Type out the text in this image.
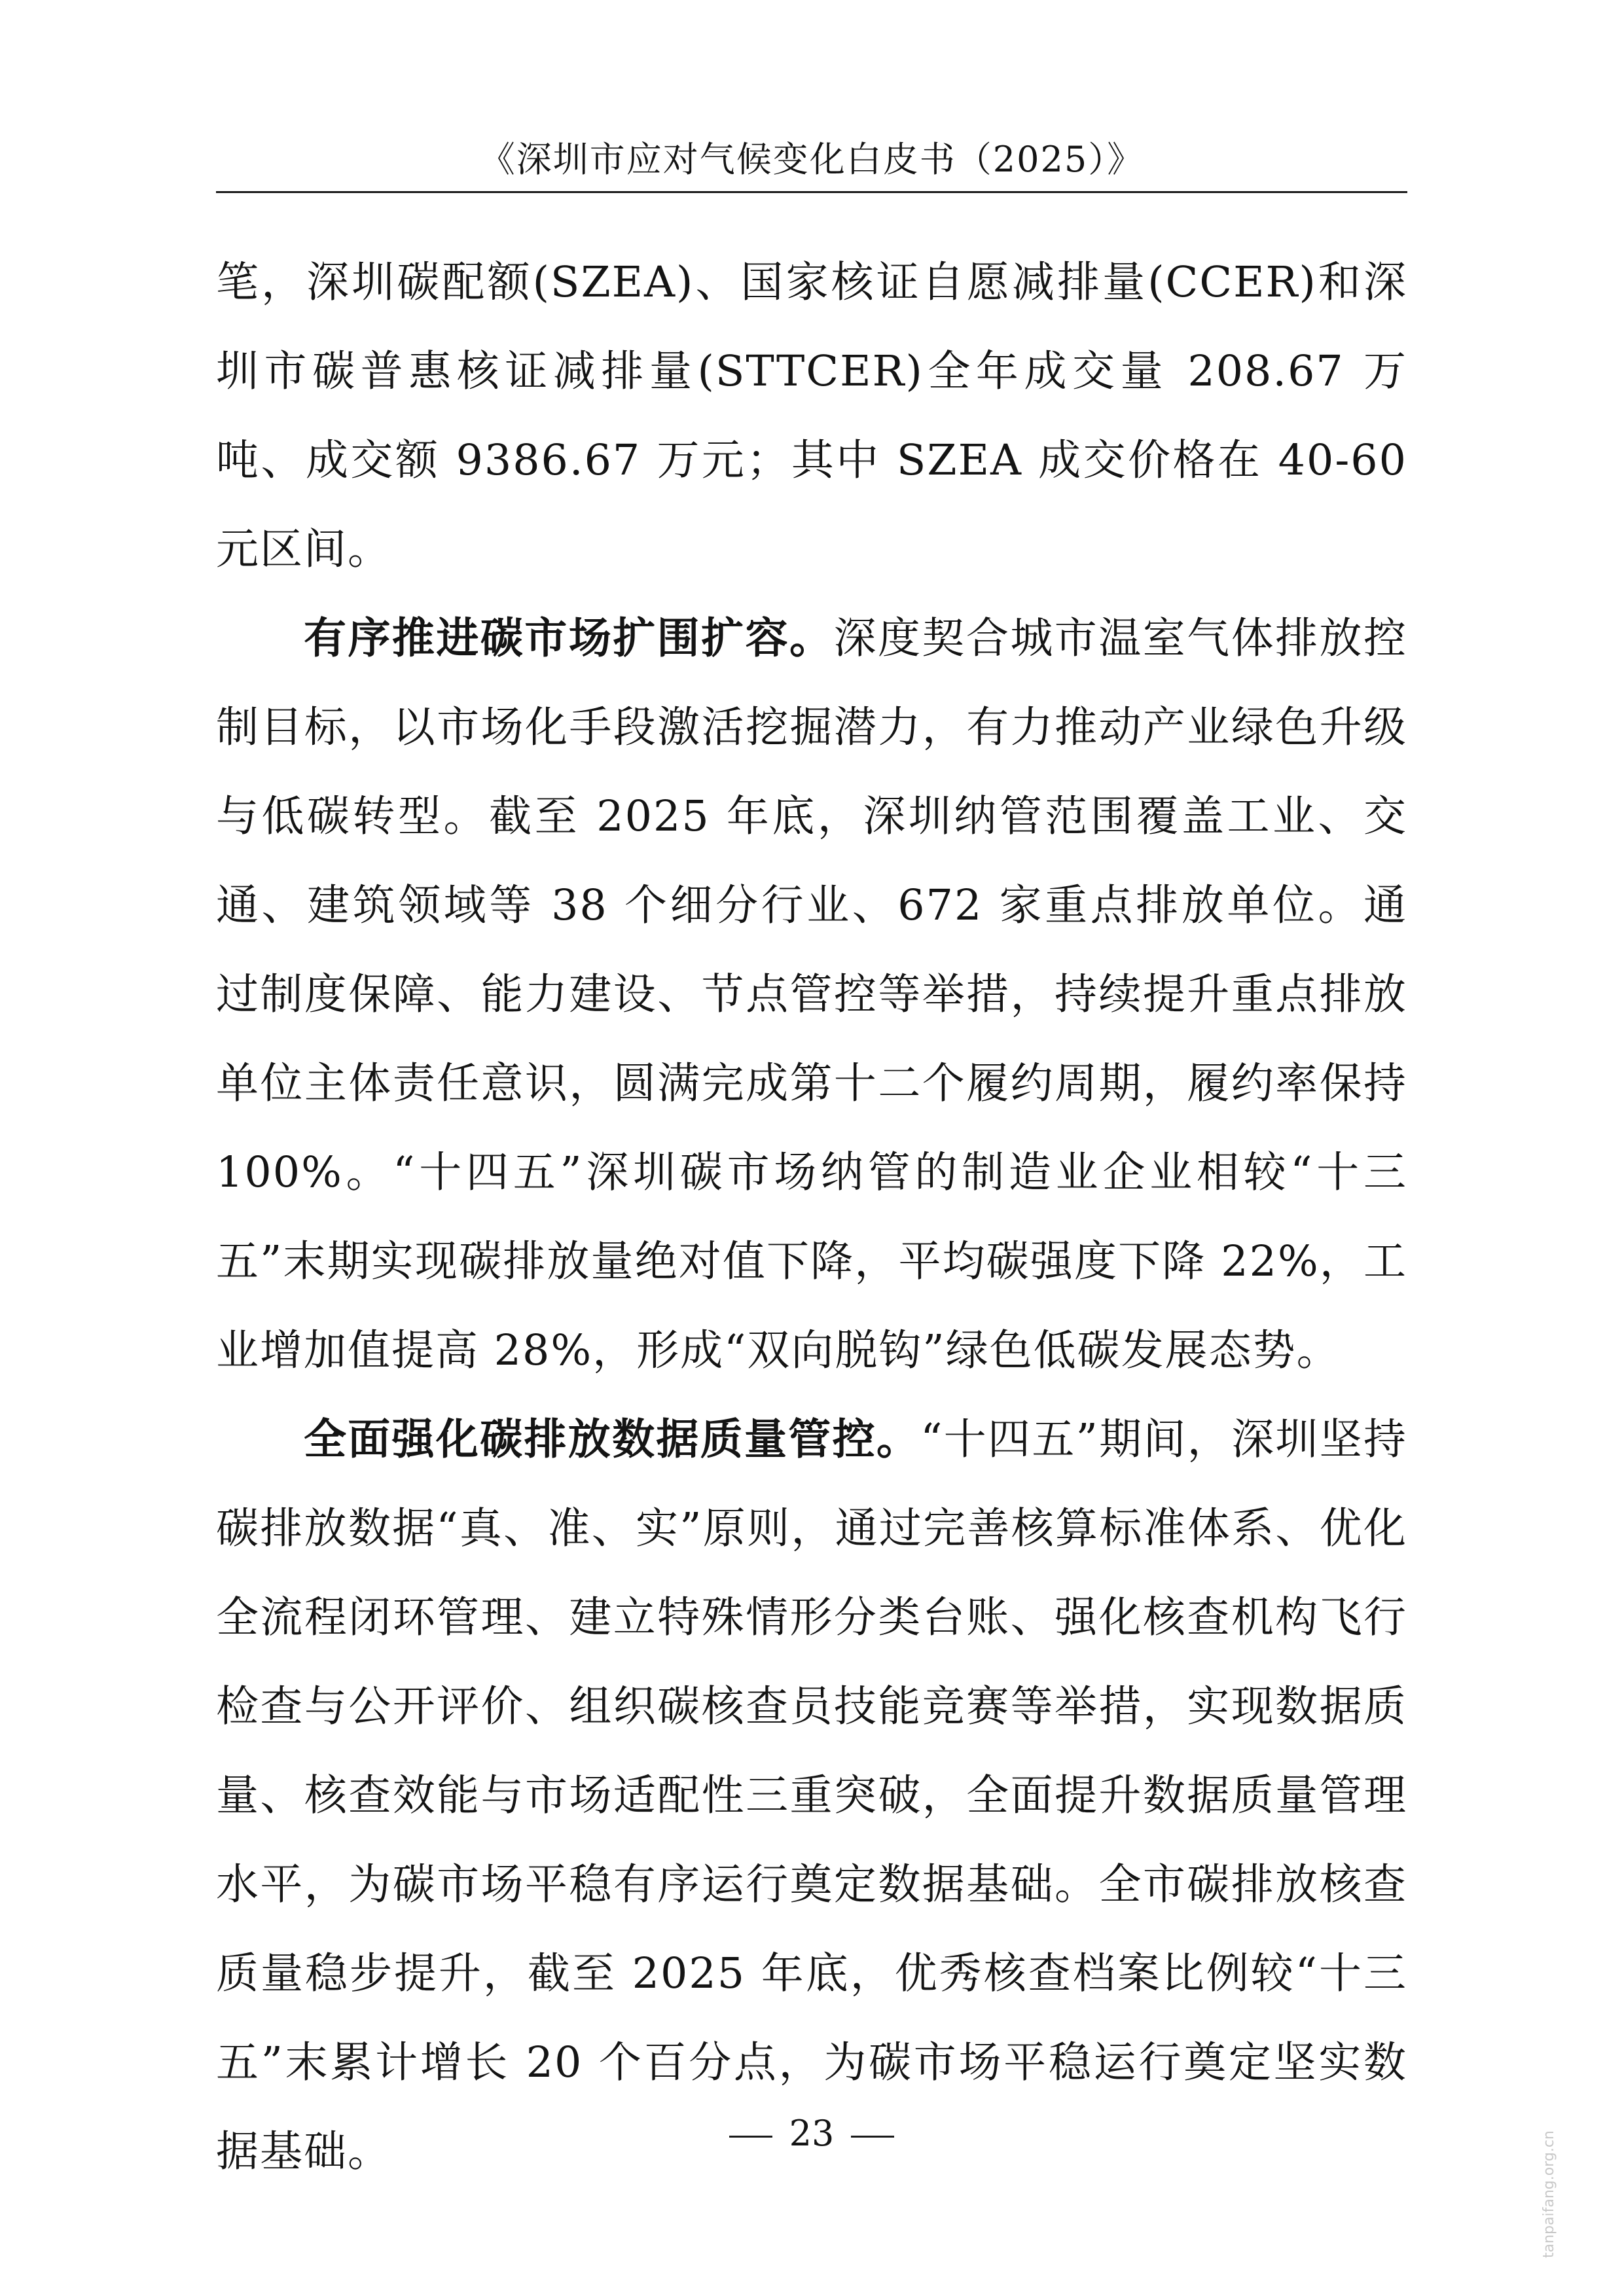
《深圳市应对气候变化白皮书（2025）》

笔，深圳碳配额(SZEA)、国家核证自愿减排量(CCER)和深圳市碳普惠核证减排量(STTCER)全年成交量 208.67 万吨、成交额 9386.67 万元；其中 SZEA 成交价格在 40-60 元区间。

有序推进碳市场扩围扩容。深度契合城市温室气体排放控制目标，以市场化手段激活挖掘潜力，有力推动产业绿色升级与低碳转型。截至 2025 年底，深圳纳管范围覆盖工业、交通、建筑领域等 38 个细分行业、672 家重点排放单位。通过制度保障、能力建设、节点管控等举措，持续提升重点排放单位主体责任意识，圆满完成第十二个履约周期，履约率保持 100%。“十四五”深圳碳市场纳管的制造业企业相较“十三五”末期实现碳排放量绝对值下降，平均碳强度下降 22%，工业增加值提高 28%，形成“双向脱钩”绿色低碳发展态势。

全面强化碳排放数据质量管控。“十四五”期间，深圳坚持碳排放数据“真、准、实”原则，通过完善核算标准体系、优化全流程闭环管理、建立特殊情形分类台账、强化核查机构飞行检查与公开评价、组织碳核查员技能竞赛等举措，实现数据质量、核查效能与市场适配性三重突破，全面提升数据质量管理水平，为碳市场平稳有序运行奠定数据基础。全市碳排放核查质量稳步提升，截至 2025 年底，优秀核查档案比例较“十三五”末累计增长 20 个百分点，为碳市场平稳运行奠定坚实数据基础。	23	tanpaifang.org.cn
